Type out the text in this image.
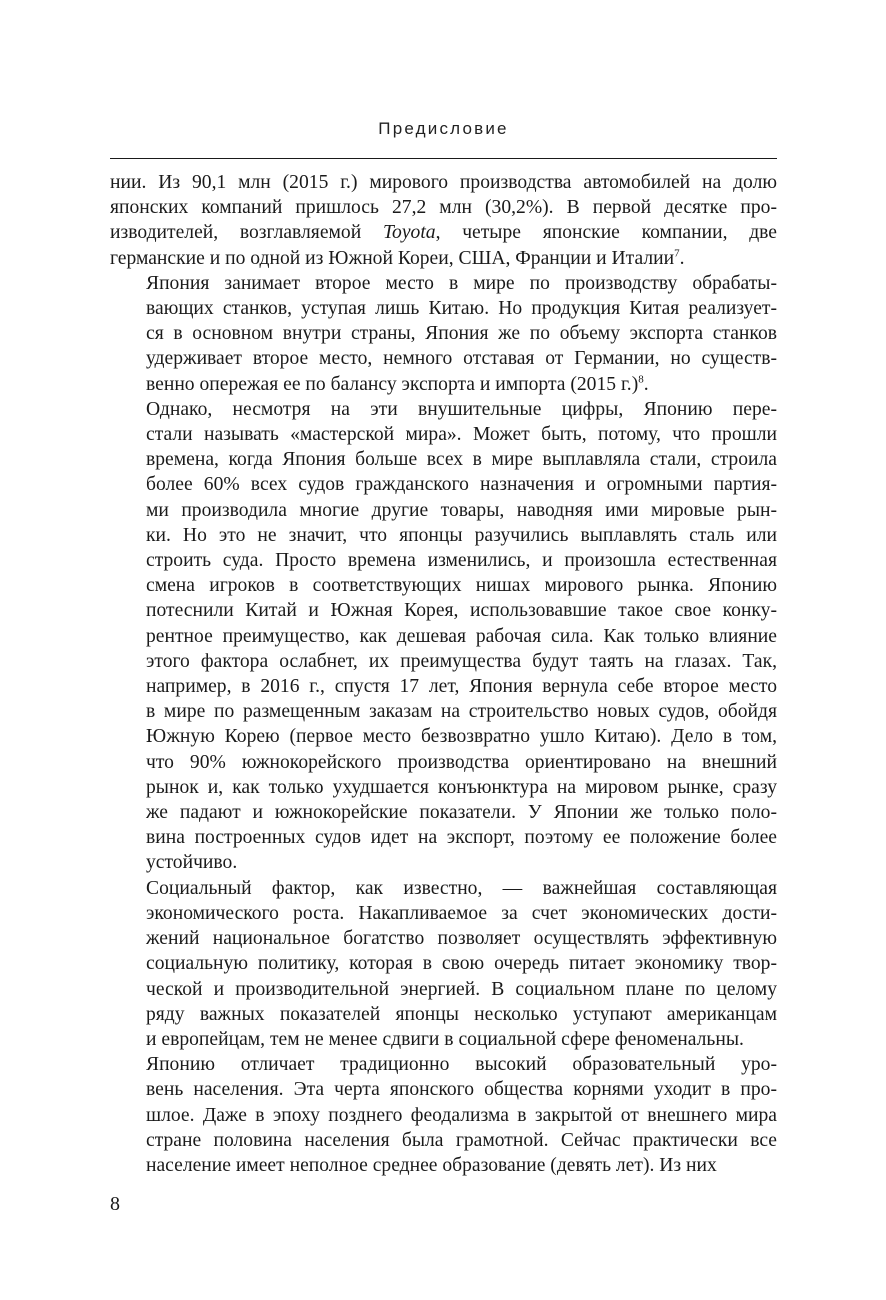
Предисловие

нии. Из 90,1 млн (2015 г.) мирового производства автомобилей на долю
японских компаний пришлось 27,2 млн (30,2%). В первой десятке про-
изводителей, возглавляемой Toyota, четыре японские компании, две
германские и по одной из Южной Кореи, США, Франции и Италии$^7$.

Япония занимает второе место в мире по производству обрабаты-
вающих станков, уступая лишь Китаю. Но продукция Китая реализует-
ся в основном внутри страны, Япония же по объему экспорта станков
удерживает второе место, немного отставая от Германии, но существ-
венно опережая ее по балансу экспорта и импорта (2015 г.)$^8$.

Однако, несмотря на эти внушительные цифры, Японию пере-
стали называть «мастерской мира». Может быть, потому, что прошли
времена, когда Япония больше всех в мире выплавляла стали, строила
более 60% всех судов гражданского назначения и огромными партия-
ми производила многие другие товары, наводняя ими мировые рын-
ки. Но это не значит, что японцы разучились выплавлять сталь или
строить суда. Просто времена изменились, и произошла естественная
смена игроков в соответствующих нишах мирового рынка. Японию
потеснили Китай и Южная Корея, использовавшие такое свое конку-
рентное преимущество, как дешевая рабочая сила. Как только влияние
этого фактора ослабнет, их преимущества будут таять на глазах. Так,
например, в 2016 г., спустя 17 лет, Япония вернула себе второе место
в мире по размещенным заказам на строительство новых судов, обойдя
Южную Корею (первое место безвозвратно ушло Китаю). Дело в том,
что 90% южнокорейского производства ориентировано на внешний
рынок и, как только ухудшается конъюнктура на мировом рынке, сразу
же падают и южнокорейские показатели. У Японии же только поло-
вина построенных судов идет на экспорт, поэтому ее положение более
устойчиво.

Социальный фактор, как известно, — важнейшая составляющая
экономического роста. Накапливаемое за счет экономических дости-
жений национальное богатство позволяет осуществлять эффективную
социальную политику, которая в свою очередь питает экономику твор-
ческой и производительной энергией. В социальном плане по целому
ряду важных показателей японцы несколько уступают американцам
и европейцам, тем не менее сдвиги в социальной сфере феноменальны.

Японию отличает традиционно высокий образовательный уро-
вень населения. Эта черта японского общества корнями уходит в про-
шлое. Даже в эпоху позднего феодализма в закрытой от внешнего мира
стране половина населения была грамотной. Сейчас практически все
население имеет неполное среднее образование (девять лет). Из них

8
